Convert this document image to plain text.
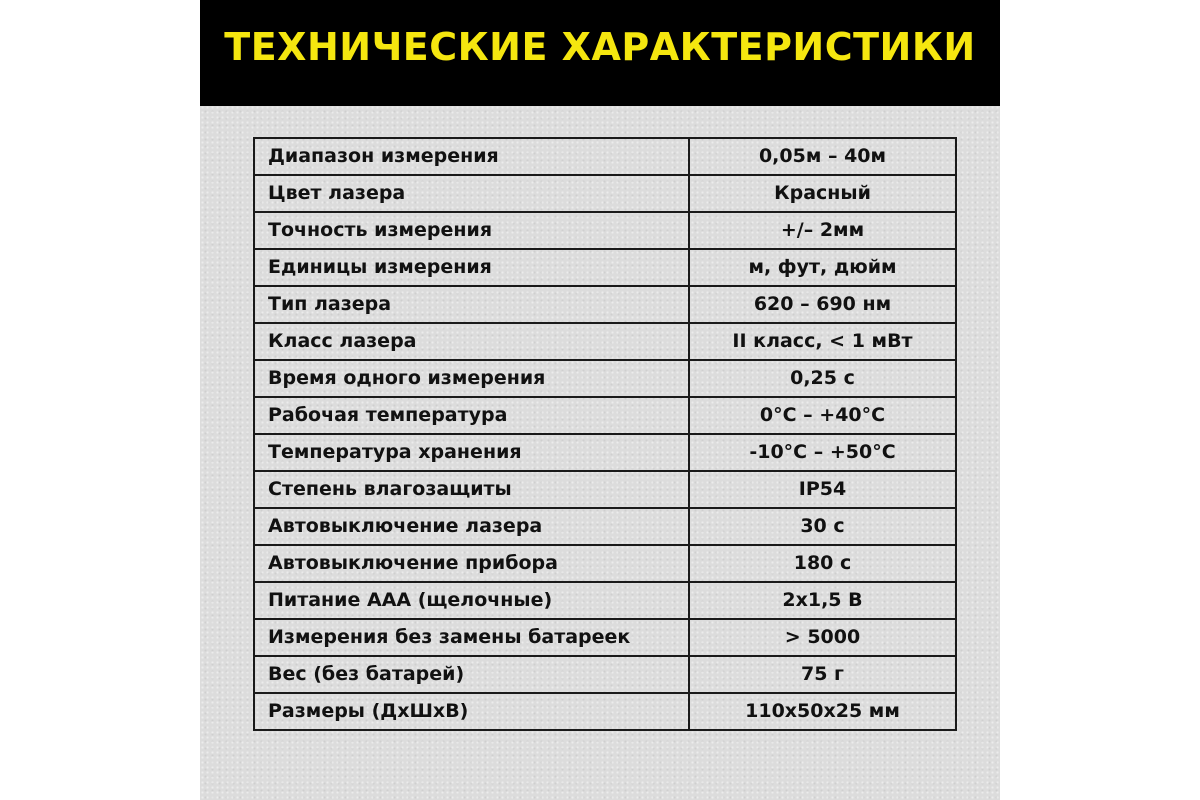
ТЕХНИЧЕСКИЕ ХАРАКТЕРИСТИКИ
Диапазон измерения	0,05м – 40м
Цвет лазера	Красный
Точность измерения	+/– 2мм
Единицы измерения	м, фут, дюйм
Тип лазера	620 – 690 нм
Класс лазера	II класс, < 1 мВт
Время одного измерения	0,25 с
Рабочая температура	0°C – +40°C
Температура хранения	-10°C – +50°C
Степень влагозащиты	IP54
Автовыключение лазера	30 с
Автовыключение прибора	180 с
Питание ААА (щелочные)	2х1,5 В
Измерения без замены батареек	> 5000
Вес (без батарей)	75 г
Размеры (ДхШхВ)	110х50х25 мм
